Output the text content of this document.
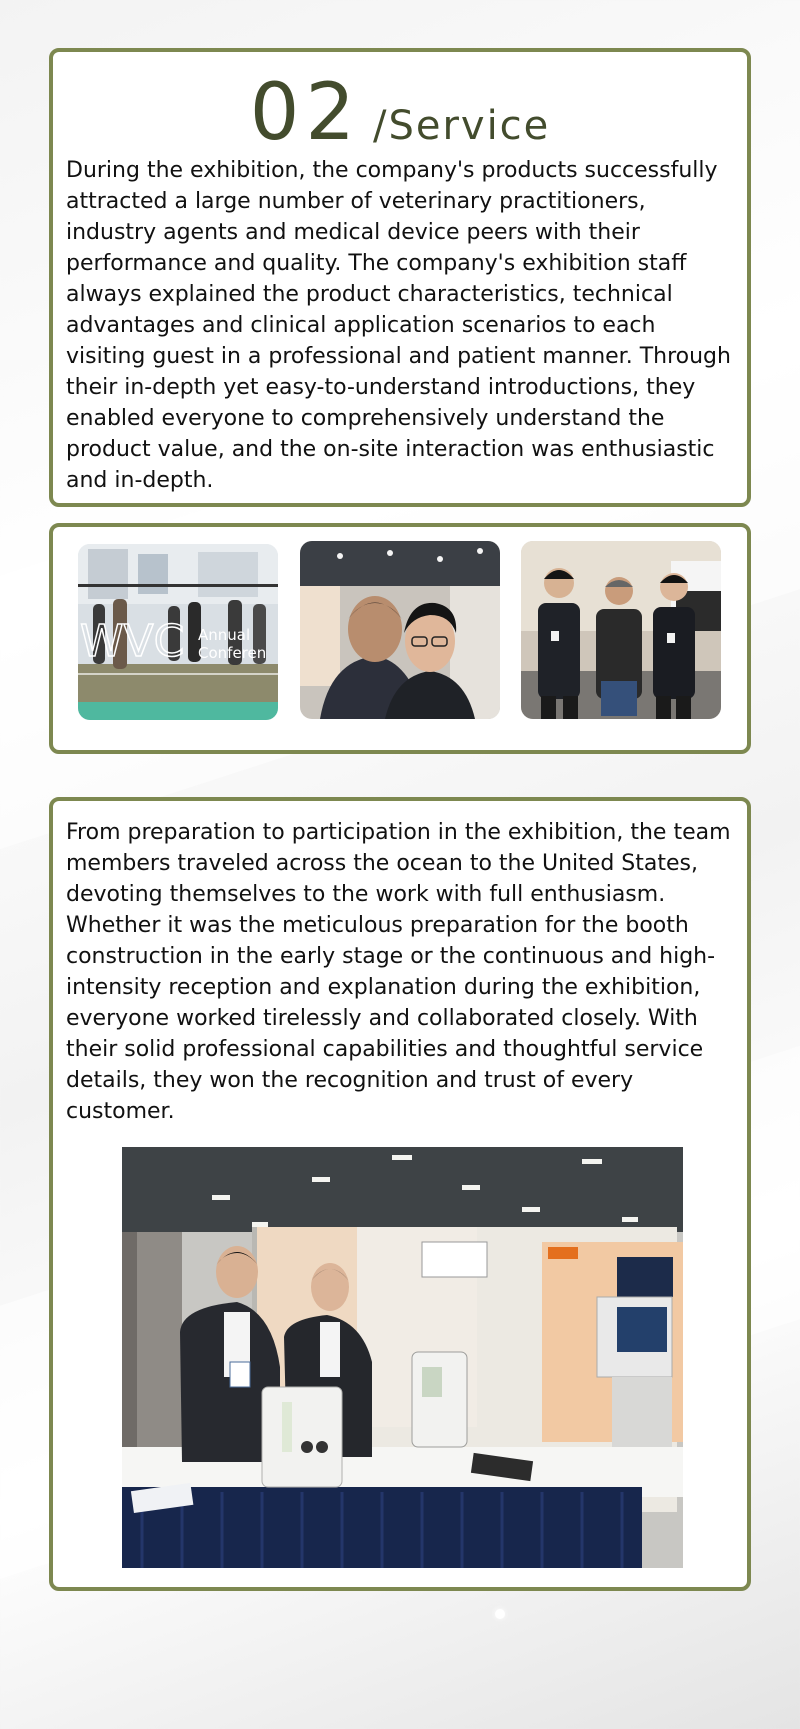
02 /Service

During the exhibition, the company's products successfully attracted a large number of veterinary practitioners, industry agents and medical device peers with their performance and quality. The company's exhibition staff always explained the product characteristics, technical advantages and clinical application scenarios to each visiting guest in a professional and patient manner. Through their in-depth yet easy-to-understand introductions, they enabled everyone to comprehensively understand the product value, and the on-site interaction was enthusiastic and in-depth.

WVC Annual
Conferen

From preparation to participation in the exhibition, the team members traveled across the ocean to the United States, devoting themselves to the work with full enthusiasm. Whether it was the meticulous preparation for the booth construction in the early stage or the continuous and high-intensity reception and explanation during the exhibition, everyone worked tirelessly and collaborated closely. With their solid professional capabilities and thoughtful service details, they won the recognition and trust of every customer.
